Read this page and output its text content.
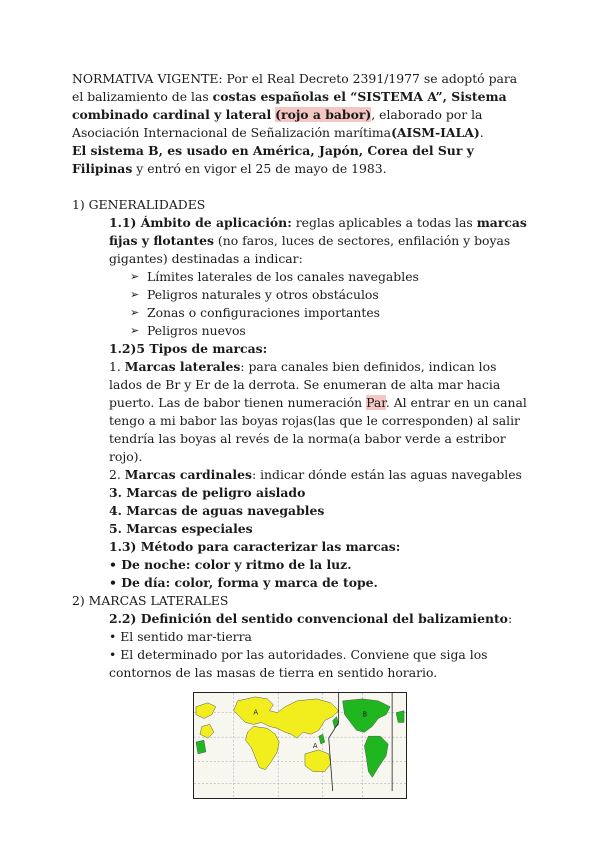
NORMATIVA VIGENTE: Por el Real Decreto 2391/1977 se adoptó para el balizamiento de las costas españolas el “SISTEMA A”, Sistema combinado cardinal y lateral (rojo a babor), elaborado por la Asociación Internacional de Señalización marítima(AISM-IALA).

El sistema B, es usado en América, Japón, Corea del Sur y Filipinas y entró en vigor el 25 de mayo de 1983.

1) GENERALIDADES

1.1) Ámbito de aplicación: reglas aplicables a todas las marcas fijas y flotantes (no faros, luces de sectores, enfilación y boyas gigantes) destinadas a indicar:

➢ Límites laterales de los canales navegables
➢ Peligros naturales y otros obstáculos
➢ Zonas o configuraciones importantes
➢ Peligros nuevos

1.2)5 Tipos de marcas:

1. Marcas laterales: para canales bien definidos, indican los lados de Br y Er de la derrota. Se enumeran de alta mar hacia puerto. Las de babor tienen numeración Par. Al entrar en un canal tengo a mi babor las boyas rojas(las que le corresponden) al salir tendría las boyas al revés de la norma(a babor verde a estribor rojo).

2. Marcas cardinales: indicar dónde están las aguas navegables

3. Marcas de peligro aislado

4. Marcas de aguas navegables

5. Marcas especiales

1.3) Método para caracterizar las marcas:

• De noche: color y ritmo de la luz.

• De día: color, forma y marca de tope.

2) MARCAS LATERALES

2.2) Definición del sentido convencional del balizamiento:

• El sentido mar-tierra

• El determinado por las autoridades. Conviene que siga los contornos de las masas de tierra en sentido horario.

A
A
B
